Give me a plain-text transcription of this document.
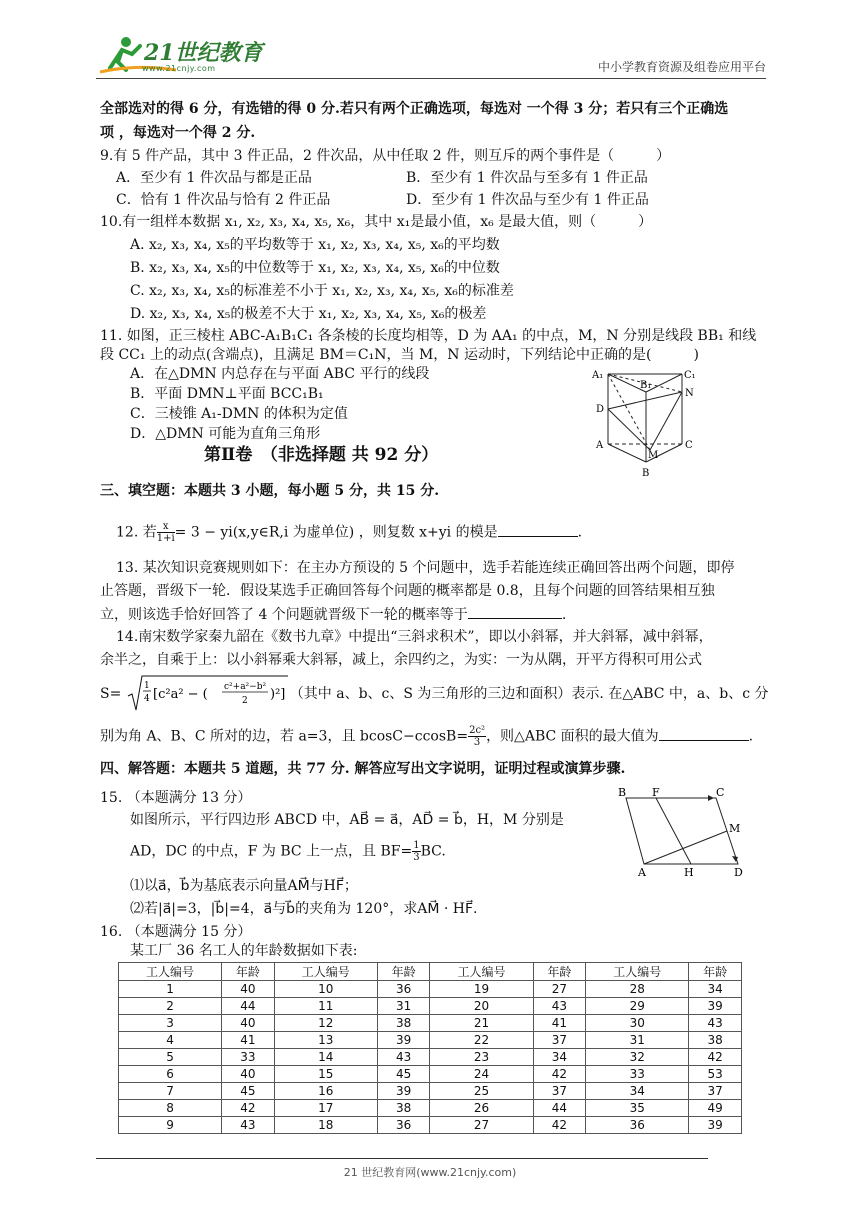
21世纪教育
www.21cnjy.com	中小学教育资源及组卷应用平台
全部选对的得 6 分，有选错的得 0 分.若只有两个正确选项，每选对 一个得 3 分；若只有三个正确选
项 ，每选对一个得 2 分.
9.有 5 件产品，其中 3 件正品，2 件次品，从中任取 2 件，则互斥的两个事件是（　　　）
A．至少有 1 件次品与都是正品	B．至少有 1 件次品与至多有 1 件正品
C．恰有 1 件次品与恰有 2 件正品	D．至少有 1 件次品与至少有 1 件正品
10.有一组样本数据 x₁, x₂, x₃, x₄, x₅, x₆，其中 x₁是最小值，x₆ 是最大值，则（　　　）
A. x₂, x₃, x₄, x₅的平均数等于 x₁, x₂, x₃, x₄, x₅, x₆的平均数
B. x₂, x₃, x₄, x₅的中位数等于 x₁, x₂, x₃, x₄, x₅, x₆的中位数
C. x₂, x₃, x₄, x₅的标准差不小于 x₁, x₂, x₃, x₄, x₅, x₆的标准差
D. x₂, x₃, x₄, x₅的极差不大于 x₁, x₂, x₃, x₄, x₅, x₆的极差
11. 如图，正三棱柱 ABC-A₁B₁C₁ 各条棱的长度均相等，D 为 AA₁ 的中点，M，N 分别是线段 BB₁ 和线
段 CC₁ 上的动点(含端点)，且满足 BM＝C₁N，当 M，N 运动时，下列结论中正确的是(　　　)
A．在△DMN 内总存在与平面 ABC 平行的线段
B．平面 DMN⊥平面 BCC₁B₁
C．三棱锥 A₁-DMN 的体积为定值
D．△DMN 可能为直角三角形
A₁
B₁
C₁
D
N
A	C
M
B
第Ⅱ卷　（非选择题 共 92 分）
三、填空题：本题共 3 小题，每小题 5 分，共 15 分.
12. 若 $\frac{x}{1+i} = 3$ − yi(x,y∈R,i 为虚单位) ，则复数 x+yi 的模是	.
13. 某次知识竞赛规则如下：在主办方预设的 5 个问题中，选手若能连续正确回答出两个问题，即停
止答题，晋级下一轮．假设某选手正确回答每个问题的概率都是 0.8，且每个问题的回答结果相互独
立，则该选手恰好回答了 4 个问题就晋级下一轮的概率等于	.
14.南宋数学家秦九韶在《数书九章》中提出“三斜求积术”，即以小斜幂，并大斜幂，减中斜幂，
余半之，自乘于上：以小斜幂乘大斜幂，减上，余四约之，为实：一为从隅，开平方得积可用公式
S= 1
4 [c²a² − ( c²+a²−b²
2 )²] （其中 a、b、c、S 为三角形的三边和面积）表示. 在△ABC 中，a、b、c 分
别为角 A、B、C 所对的边，若 a=3，且 $bcosC-ccosB= \frac{\text{2c²}}{3}$ ，则△ABC 面积的最大值为	.
四、解答题：本题共 5 道题，共 77 分. 解答应写出文字说明，证明过程或演算步骤.
15. （本题满分 13 分）
如图所示，平行四边形 ABCD 中，AB⃗ = a⃗，AD⃗ = b⃗，H，M 分别是
AD，DC 的中点，F 为 BC 上一点，且 $BF= \frac{1}{3}$ BC.
⑴以a⃗，b⃗为基底表示向量AM⃗与HF⃗；
⑵若|a⃗|=3，|b⃗|=4，a⃗与b⃗的夹角为 120°，求AM⃗ · HF⃗.
B F	C
M
A	H	D
16. （本题满分 15 分）
某工厂 36 名工人的年龄数据如下表:
工人编号	年龄	工人编号	年龄	工人编号	年龄	工人编号	年龄
1	40	10	36	19	27	28	34
2	44	11	31	20	43	29	39
3	40	12	38	21	41	30	43
4	41	13	39	22	37	31	38
5	33	14	43	23	34	32	42
6	40	15	45	24	42	33	53
7	45	16	39	25	37	34	37
8	42	17	38	26	44	35	49
9	43	18	36	27	42	36	39
21 世纪教育网(www.21cnjy.com)
